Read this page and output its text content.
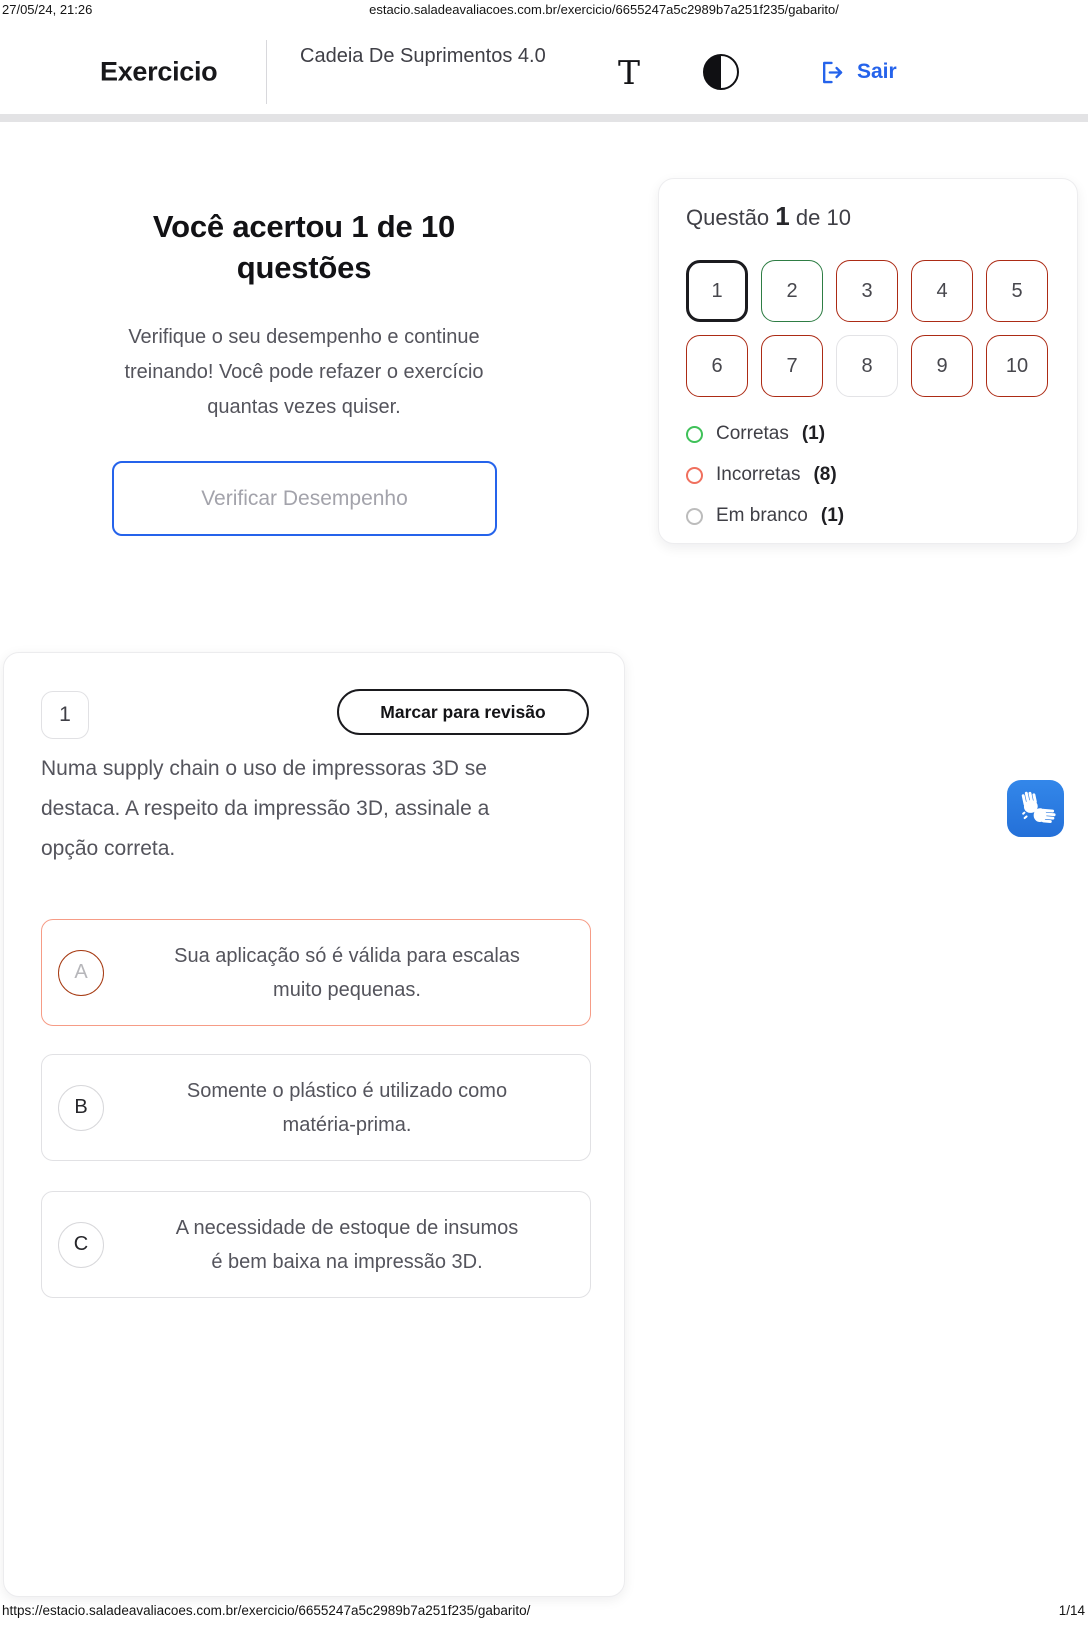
27/05/24, 21:26	estacio.saladeavaliacoes.com.br/exercicio/6655247a5c2989b7a251f235/gabarito/
Exercicio
Cadeia De Suprimentos 4.0	T	Sair
Você acertou 1 de 10
questões
Verifique o seu desempenho e continue treinando! Você pode refazer o exercício quantas vezes quiser.
Verificar Desempenho
Questão 1 de 10
1	2	3	4	5
6	7	8	9	10
Corretas (1)
Incorretas (8)
Em branco (1)
1	Marcar para revisão
Numa supply chain o uso de impressoras 3D se destaca. A respeito da impressão 3D, assinale a opção correta.
A
Sua aplicação só é válida para escalas
muito pequenas.
B
Somente o plástico é utilizado como
matéria-prima.
C
A necessidade de estoque de insumos
é bem baixa na impressão 3D.
https://estacio.saladeavaliacoes.com.br/exercicio/6655247a5c2989b7a251f235/gabarito/	1/14
